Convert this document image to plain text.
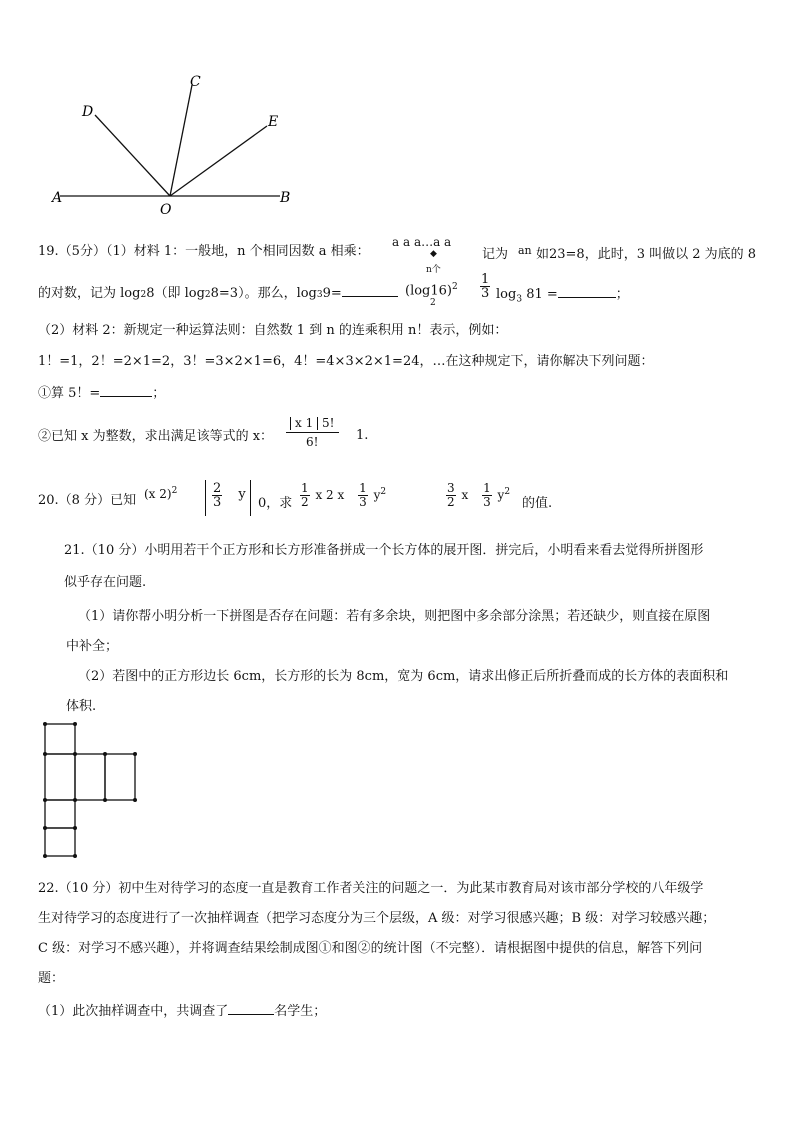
A	B
C
D
E
O
19.（5分）（1）材料 1：一般地，n 个相同因数 a 相乘：
a a a…a a
n个
◆	记为 an 如23=8，此时，3 叫做以 2 为底的 8
的对数，记为 log28（即 log28=3）。那么，log39=	$(\log 16)^2$
2
$\frac{1}{3} \log_3 81$ =	；
（2）材料 2：新规定一种运算法则：自然数 1 到 n 的连乘积用 n！表示，例如：
1！=1，2！=2×1=2，3！=3×2×1=6，4！=4×3×2×1=24，…在这种规定下，请你解决下列问题：
①算 5！=	；
②已知 x 为整数，求出满足该等式的 x： $\frac{x 1 5!}{6!} 1$.
20.（8 分）已知 (x 2)$^2$	$\frac{2}{3}$ y
0，求 $\frac{1}{2}$ x 2 x $\frac{1}{3} y^2$	$\frac{3}{2}$ x $\frac{1}{3} y^2$
的值.
21.（10 分）小明用若干个正方形和长方形准备拼成一个长方体的展开图．拼完后，小明看来看去觉得所拼图形
似乎存在问题.
（1）请你帮小明分析一下拼图是否存在问题：若有多余块，则把图中多余部分涂黑；若还缺少，则直接在原图
中补全；
（2）若图中的正方形边长 6cm，长方形的长为 8cm，宽为 6cm，请求出修正后所折叠而成的长方体的表面积和
体积.
22.（10 分）初中生对待学习的态度一直是教育工作者关注的问题之一．为此某市教育局对该市部分学校的八年级学
生对待学习的态度进行了一次抽样调查（把学习态度分为三个层级，A 级：对学习很感兴趣；B 级：对学习较感兴趣；
C 级：对学习不感兴趣），并将调查结果绘制成图①和图②的统计图（不完整）．请根据图中提供的信息，解答下列问
题：
（1）此次抽样调查中，共调查了	名学生；
